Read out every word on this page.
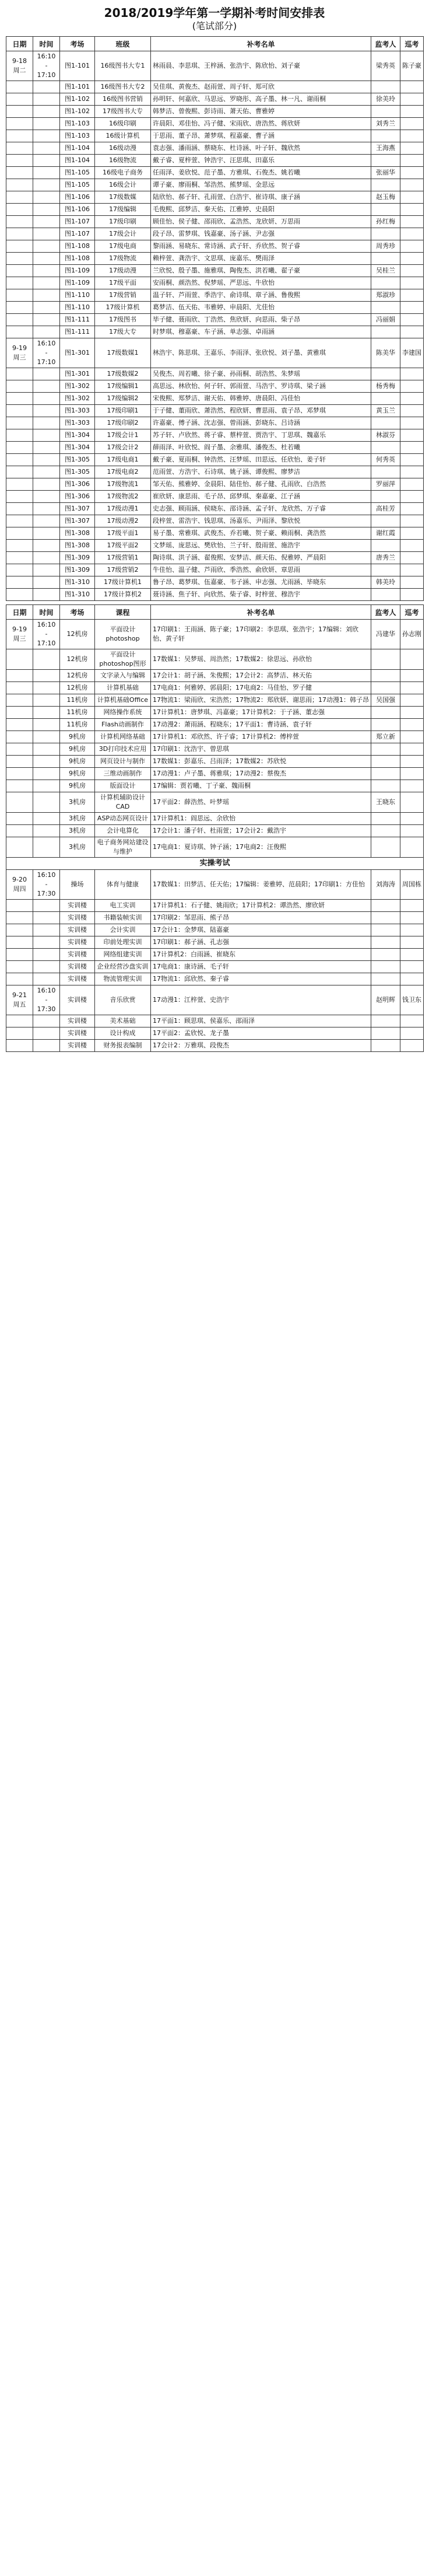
2018/2019学年第一学期补考时间安排表
(笔试部分)
日期	时间	考场	班级	补考名单	监考人	巡考
9-18 周二	16:10 - 17:10	图1-101	16级图书大专1	林雨晨、李思琪、王梓涵、张浩宇、陈欣怡、刘子豪	梁秀英	陈子豪
		图1-101	16级图书大专2	吴佳琪、黄俊杰、赵雨萱、周子轩、郑可欣		
		图1-102	16级图书营销	孙明轩、何嘉欣、马思远、罗晓彤、高子墨、林一凡、谢雨桐	徐美玲	
		图1-102	17级图书大专	韩梦洁、曾俊熙、彭诗雨、萧天佑、曹雅婷		
		图1-103	16级印刷	许晨阳、邓佳怡、冯子健、宋雨欣、唐浩然、蒋欣妍	刘秀兰	
		图1-103	16级计算机	于思雨、董子昂、萧梦琪、程嘉豪、曹子涵		
		图1-104	16级动漫	袁志强、潘雨涵、蔡晓东、杜诗涵、叶子轩、魏欣然	王海燕	
		图1-104	16级物流	戴子睿、夏梓萱、钟浩宇、汪思琪、田嘉乐		
		图1-105	16级电子商务	任雨泽、姜欣悦、范子墨、方雅琪、石俊杰、姚若曦	张丽华	
		图1-105	16级会计	谭子豪、廖雨桐、邹浩然、熊梦瑶、金思远		
		图1-106	17级数媒	陆欣怡、郝子轩、孔雨萱、白浩宇、崔诗琪、康子涵	赵玉梅	
		图1-106	17级编辑	毛俊熙、邱梦洁、秦天佑、江雅婷、史晨阳		
		图1-107	17级印刷	顾佳怡、侯子健、邵雨欣、孟浩然、龙欣妍、万思雨	孙红梅	
		图1-107	17级会计	段子昂、雷梦琪、钱嘉豪、汤子涵、尹志强		
		图1-108	17级电商	黎雨涵、易晓东、常诗涵、武子轩、乔欣然、贺子睿	周秀珍	
		图1-108	17级物流	赖梓萱、龚浩宇、文思琪、庞嘉乐、樊雨泽		
		图1-109	17级动漫	兰欣悦、殷子墨、施雅琪、陶俊杰、洪若曦、翟子豪	吴桂兰	
		图1-109	17级平面	安雨桐、颜浩然、倪梦瑶、严思远、牛欣怡		
		图1-110	17级营销	温子轩、芦雨萱、季浩宇、俞诗琪、章子涵、鲁俊熙	郑淑珍	
		图1-110	17级计算机	葛梦洁、伍天佑、韦雅婷、申晨阳、尤佳怡		
		图1-111	17级图书	毕子健、聂雨欣、丁浩然、焦欣妍、向思雨、柴子昂	冯丽娟	
		图1-111	17级大专	时梦琪、穆嘉豪、车子涵、单志强、卓雨涵		
9-19 周三	16:10 - 17:10	图1-301	17级数媒1	林浩宇、陈思琪、王嘉乐、李雨泽、张欣悦、刘子墨、黄雅琪	陈美华	李建国
		图1-301	17级数媒2	吴俊杰、周若曦、徐子豪、孙雨桐、胡浩然、朱梦瑶		
		图1-302	17级编辑1	高思远、林欣怡、何子轩、郭雨萱、马浩宇、罗诗琪、梁子涵	杨秀梅	
		图1-302	17级编辑2	宋俊熙、郑梦洁、谢天佑、韩雅婷、唐晨阳、冯佳怡		
		图1-303	17级印刷1	于子健、董雨欣、萧浩然、程欣妍、曹思雨、袁子昂、邓梦琪	黄玉兰	
		图1-303	17级印刷2	许嘉豪、傅子涵、沈志强、曾雨涵、彭晓东、吕诗涵		
		图1-304	17级会计1	苏子轩、卢欣然、蒋子睿、蔡梓萱、贾浩宇、丁思琪、魏嘉乐	林淑芬	
		图1-304	17级会计2	薛雨泽、叶欣悦、阎子墨、余雅琪、潘俊杰、杜若曦		
		图1-305	17级电商1	戴子豪、夏雨桐、钟浩然、汪梦瑶、田思远、任欣怡、姜子轩	何秀英	
		图1-305	17级电商2	范雨萱、方浩宇、石诗琪、姚子涵、谭俊熙、廖梦洁		
		图1-306	17级物流1	邹天佑、熊雅婷、金晨阳、陆佳怡、郝子健、孔雨欣、白浩然	罗丽萍	
		图1-306	17级物流2	崔欣妍、康思雨、毛子昂、邱梦琪、秦嘉豪、江子涵		
		图1-307	17级动漫1	史志强、顾雨涵、侯晓东、邵诗涵、孟子轩、龙欣然、万子睿	高桂芳	
		图1-307	17级动漫2	段梓萱、雷浩宇、钱思琪、汤嘉乐、尹雨泽、黎欣悦		
		图1-308	17级平面1	易子墨、常雅琪、武俊杰、乔若曦、贺子豪、赖雨桐、龚浩然	谢红霞	
		图1-308	17级平面2	文梦瑶、庞思远、樊欣怡、兰子轩、殷雨萱、施浩宇		
		图1-309	17级营销1	陶诗琪、洪子涵、翟俊熙、安梦洁、颜天佑、倪雅婷、严晨阳	唐秀兰	
		图1-309	17级营销2	牛佳怡、温子健、芦雨欣、季浩然、俞欣妍、章思雨		
		图1-310	17级计算机1	鲁子昂、葛梦琪、伍嘉豪、韦子涵、申志强、尤雨涵、毕晓东	韩美玲	
		图1-310	17级计算机2	聂诗涵、焦子轩、向欣然、柴子睿、时梓萱、穆浩宇		
日期	时间	考场	课程	补考名单	监考人	巡考
9-19 周三	16:10 - 17:10	12机房	平面设计 photoshop	17印刷1：王雨涵、陈子豪；17印刷2：李思琪、张浩宇；17编辑：刘欣怡、黄子轩	冯建华	孙志刚
		12机房	平面设计 photoshop图形	17数媒1：吴梦瑶、周浩然；17数媒2：徐思远、孙欣怡		
		12机房	文字录入与编辑	17会计1：胡子涵、朱俊熙；17会计2：高梦洁、林天佑		
		12机房	计算机基础	17电商1：何雅婷、郭晨阳；17电商2：马佳怡、罗子健		
		11机房	计算机基础Office	17物流1：梁雨欣、宋浩然；17物流2：郑欣妍、谢思雨；17动漫1：韩子昂	吴国强	
		11机房	网络操作系统	17计算机1：唐梦琪、冯嘉豪；17计算机2：于子涵、董志强		
		11机房	Flash动画制作	17动漫2：萧雨涵、程晓东；17平面1：曹诗涵、袁子轩		
		9机房	计算机网络基础	17计算机1：邓欣然、许子睿；17计算机2：傅梓萱	郑立新	
		9机房	3D打印技术应用	17印刷1：沈浩宇、曾思琪		
		9机房	网页设计与制作	17数媒1：彭嘉乐、吕雨泽；17数媒2：苏欣悦		
		9机房	三维动画制作	17动漫1：卢子墨、蒋雅琪；17动漫2：蔡俊杰		
		9机房	版面设计	17编辑：贾若曦、丁子豪、魏雨桐		
		3机房	计算机辅助设计CAD	17平面2：薛浩然、叶梦瑶	王晓东	
		3机房	ASP动态网页设计	17计算机1：阎思远、余欣怡		
		3机房	会计电算化	17会计1：潘子轩、杜雨萱；17会计2：戴浩宇		
		3机房	电子商务网站建设与维护	17电商1：夏诗琪、钟子涵；17电商2：汪俊熙		
实操考试						
9-20 周四	16:10 - 17:30	操场	体育与健康	17数媒1：田梦洁、任天佑；17编辑：姜雅婷、范晨阳；17印刷1：方佳怡	刘海涛	周国栋
		实训楼	电工实训	17计算机1：石子健、姚雨欣；17计算机2：谭浩然、廖欣妍		
		实训楼	书籍装帧实训	17印刷2：邹思雨、熊子昂		
		实训楼	会计实训	17会计1：金梦琪、陆嘉豪		
		实训楼	印前处理实训	17印刷1：郝子涵、孔志强		
		实训楼	网络组建实训	17计算机2：白雨涵、崔晓东		
		实训楼	企业经营沙盘实训	17电商1：康诗涵、毛子轩		
		实训楼	物流管理实训	17物流1：邱欣然、秦子睿		
9-21 周五	16:10 - 17:30	实训楼	音乐欣赏	17动漫1：江梓萱、史浩宇	赵明辉	钱卫东
		实训楼	美术基础	17平面1：顾思琪、侯嘉乐、邵雨泽		
		实训楼	设计构成	17平面2：孟欣悦、龙子墨		
		实训楼	财务报表编制	17会计2：万雅琪、段俊杰		
